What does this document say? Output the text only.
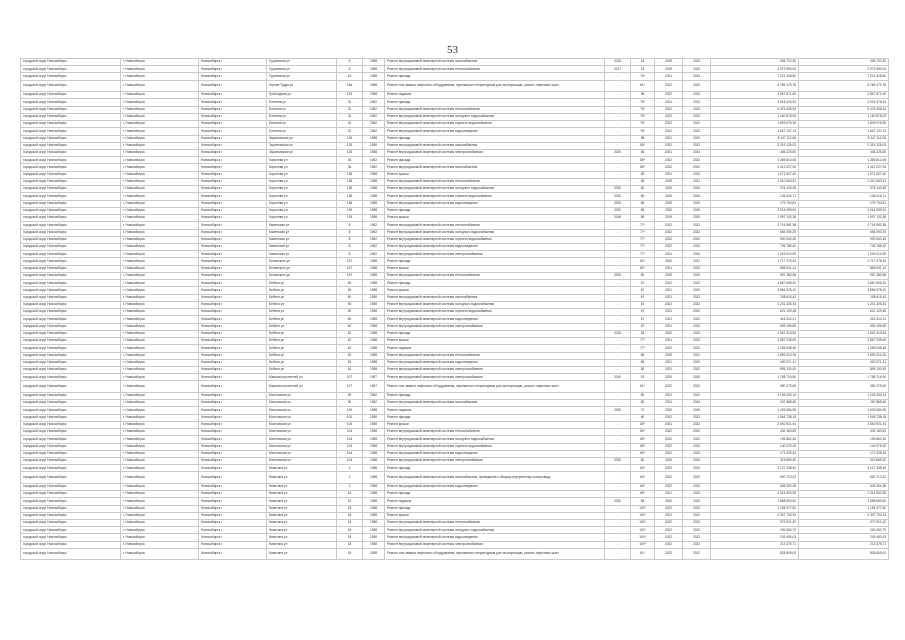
53
городской округ Новосибирск	г. Новосибирск	Новосибирск г	Гурьевская ул	5	1968	Ремонт внутридомовой инженерной системы газоснабжения	2016	18	2019	2020	306 720,30	306 720,30
городской округ Новосибирск	г. Новосибирск	Новосибирск г	Гурьевская ул	5	1968	Ремонт внутридомовой инженерной системы теплоснабжения	2017	15	2019	2020	2 073 950,04	2 073 950,04
городской округ Новосибирск	г. Новосибирск	Новосибирск г	Гурьевская ул	16	1968	Ремонт фасада	-	76*	2021	2023	7 221 318,80	7 221 318,80
городской округ Новосибирск	г. Новосибирск	Новосибирск г	Героев Труда ул	15а	1968	Ремонт или замена лифтового оборудования, признанного непригодным для эксплуатации, ремонт лифтовых шахт	-	61*	2022	2022	6 789 179,78	6 789 179,78
городской округ Новосибирск	г. Новосибирск	Новосибирск г	Грибоедова ул	123	1958	Ремонт подвала	-	98	2022	2022	2 847 671,60	2 847 671,60
городской округ Новосибирск	г. Новосибирск	Новосибирск г	Есенина ул	31	1962	Ремонт фасада	-	75*	2021	2022	2 615 476,34	2 615 476,34
городской округ Новосибирск	г. Новосибирск	Новосибирск г	Есенина ул	31	1962	Ремонт внутридомовой инженерной системы теплоснабжения	-	75*	2022	2022	5 476 305,94	5 476 305,94
городской округ Новосибирск	г. Новосибирск	Новосибирск г	Есенина ул	31	1962	Ремонт внутридомовой инженерной системы холодного водоснабжения	-	75*	2022	2022	1 160 875,03	1 160 875,03
городской округ Новосибирск	г. Новосибирск	Новосибирск г	Есенина ул	31	1962	Ремонт внутридомовой инженерной системы горячего водоснабжения	-	75*	2022	2022	1 809 076,39	1 809 076,39
городской округ Новосибирск	г. Новосибирск	Новосибирск г	Есенина ул	31	1962	Ремонт внутридомовой инженерной системы водоотведения	-	75*	2022	2022	1 647 137,13	1 647 137,13
городской округ Новосибирск	г. Новосибирск	Новосибирск г	Зыряновская ул	125	1958	Ремонт фасада	-	98	2021	2022	8 147 112,08	8 147 112,08
городской округ Новосибирск	г. Новосибирск	Новосибирск г	Зыряновская ул	125	1958	Ремонт внутридомовой инженерной системы газоснабжения	-	85*	2022	2022	3 319 125,03	3 319 125,03
городской округ Новосибирск	г. Новосибирск	Новосибирск г	Зыряновская ул	125	1958	Ремонт внутридомовой инженерной системы электроснабжения	2020	65	2021	2024	446 226,50	446 226,50
городской округ Новосибирск	г. Новосибирск	Новосибирск г	Королева ул	36	1962	Ремонт фасада	-	85*	2022	2022	1 369 810,08	1 369 810,08
городской округ Новосибирск	г. Новосибирск	Новосибирск г	Королева ул	36	1962	Ремонт внутридомовой инженерной системы газоснабжения	-	85*	2022	2022	3 412 027,94	3 412 027,94
городской округ Новосибирск	г. Новосибирск	Новосибирск г	Королева ул	138	1958	Ремонт крыши	-	59	2021	2022	1 071 627,40	1 071 627,40
городской округ Новосибирск	г. Новосибирск	Новосибирск г	Королева ул	138	1958	Ремонт внутридомовой инженерной системы теплоснабжения	-	65	2019	2021	1 410 663,51	1 410 663,51
городской округ Новосибирск	г. Новосибирск	Новосибирск г	Королева ул	138	1958	Ремонт внутридомовой инженерной системы холодного водоснабжения	2020	65	2020	2020	375 143,35	375 143,35
городской округ Новосибирск	г. Новосибирск	Новосибирск г	Королева ул	138	1958	Ремонт внутридомовой инженерной системы горячего водоснабжения	2020	65	2020	2020	136 016,71	136 016,71
городской округ Новосибирск	г. Новосибирск	Новосибирск г	Королева ул	138	1958	Ремонт внутридомовой инженерной системы водоотведения	2020	65	2020	2020	179 700,81	179 700,81
городской округ Новосибирск	г. Новосибирск	Новосибирск г	Королева ул	139	1958	Ремонт фасада	2020	65	2020	2020	2 014 099,94	2 014 099,94
городской округ Новосибирск	г. Новосибирск	Новосибирск г	Королева ул	139	1958	Ремонт крыши	2016	65	2019	2020	1 997 132,38	1 997 132,38
городской округ Новосибирск	г. Новосибирск	Новосибирск г	Каменская ул	8	1962	Ремонт внутридомовой инженерной системы теплоснабжения	-	77*	2022	2022	2 716 981,38	2 716 981,38
городской округ Новосибирск	г. Новосибирск	Новосибирск г	Каменская ул	8	1962	Ремонт внутридомовой инженерной системы холодного водоснабжения	-	77*	2022	2022	656 090,25	656 090,25
городской округ Новосибирск	г. Новосибирск	Новосибирск г	Каменская ул	8	1962	Ремонт внутридомовой инженерной системы горячего водоснабжения	-	77*	2022	2022	900 540,45	900 540,45
городской округ Новосибирск	г. Новосибирск	Новосибирск г	Каменская ул	8	1962	Ремонт внутридомовой инженерной системы водоотведения	-	77*	2022	2022	706 788,42	706 788,42
городской округ Новосибирск	г. Новосибирск	Новосибирск г	Каменская ул	8	1962	Ремонт внутридомовой инженерной системы электроснабжения	-	77*	2021	2024	1 249 214,59	1 249 214,59
городской округ Новосибирск	г. Новосибирск	Новосибирск г	Белинского ул	167	1958	Ремонт фасада	-	82*	2020	2021	1 717 276,43	1 717 276,43
городской округ Новосибирск	г. Новосибирск	Новосибирск г	Белинского ул	167	1958	Ремонт крыши	-	82*	2021	2022	869 941,14	869 941,14
городской округ Новосибирск	г. Новосибирск	Новосибирск г	Белинского ул	167	1958	Ремонт внутридомовой инженерной системы теплоснабжения	2020	60	2020	2020	957 380,98	957 380,98
городской округ Новосибирск	г. Новосибирск	Новосибирск г	Бебеля ул	60	1958	Ремонт фасада	-	67	2022	2022	1 867 605,32	1 867 605,32
городской округ Новосибирск	г. Новосибирск	Новосибирск г	Бебеля ул	60	1958	Ремонт крыши	-	67	2021	2022	3 866 978,10	3 866 978,10
городской округ Новосибирск	г. Новосибирск	Новосибирск г	Бебеля ул	60	1958	Ремонт внутридомовой инженерной системы газоснабжения	-	67	2021	2022	208 615,42	208 615,42
городской округ Новосибирск	г. Новосибирск	Новосибирск г	Бебеля ул	60	1958	Ремонт внутридомовой инженерной системы холодного водоснабжения	-	67	2022	2022	1 231 325,34	1 231 325,34
городской округ Новосибирск	г. Новосибирск	Новосибирск г	Бебеля ул	60	1958	Ремонт внутридомовой инженерной системы горячего водоснабжения	-	67	2021	2022	621 129,48	621 129,48
городской округ Новосибирск	г. Новосибирск	Новосибирск г	Бебеля ул	60	1958	Ремонт внутридомовой инженерной системы водоотведения	-	67	2021	2022	416 314,21	416 314,21
городской округ Новосибирск	г. Новосибирск	Новосибирск г	Бебеля ул	60	1958	Ремонт внутридомовой инженерной системы электроснабжения	-	67	2021	2022	593 196,55	593 196,55
городской округ Новосибирск	г. Новосибирск	Новосибирск г	Бебеля ул	62	1958	Ремонт фасада	2016	63	2020	2020	1 542 319,54	1 542 319,54
городской округ Новосибирск	г. Новосибирск	Новосибирск г	Бебеля ул	62	1958	Ремонт крыши	-	77*	2021	2022	2 857 039,69	2 857 039,69
городской округ Новосибирск	г. Новосибирск	Новосибирск г	Бебеля ул	62	1958	Ремонт подвала	-	77*	2022	2022	1 259 038,45	1 259 038,45
городской округ Новосибирск	г. Новосибирск	Новосибирск г	Бебеля ул	62	1958	Ремонт внутридомовой инженерной системы теплоснабжения	-	65	2020	2021	1 899 210,25	1 899 210,25
городской округ Новосибирск	г. Новосибирск	Новосибирск г	Бебеля ул	62	1958	Ремонт внутридомовой инженерной системы водоотведения	-	65	2021	2022	400 071,41	400 071,41
городской округ Новосибирск	г. Новосибирск	Новосибирск г	Бебеля ул	62	1958	Ремонт внутридомовой инженерной системы электроснабжения	-	65	2021	2022	895 130,49	895 130,49
городской округ Новосибирск	г. Новосибирск	Новосибирск г	Машиностроителей ул	107	1957	Ремонт внутридомовой инженерной системы электроснабжения	2019	18	2020	2020	1 768 716,90	1 768 716,90
городской округ Новосибирск	г. Новосибирск	Новосибирск г	Машиностроителей ул	107	1957	Ремонт или замена лифтового оборудования, признанного непригодным для эксплуатации, ремонт лифтовых шахт	-	61*	2022	2022	350 279,06	350 279,06
городской округ Новосибирск	г. Новосибирск	Новосибирск г	Мостовская ул	90	1962	Ремонт фасада	-	60	2021	2022	1 106 330,14	1 106 330,14
городской округ Новосибирск	г. Новосибирск	Новосибирск г	Мостовская ул	90	1962	Ремонт внутридомовой инженерной системы газоснабжения	-	60	2021	2024	267 868,46	267 868,46
городской округ Новосибирск	г. Новосибирск	Новосибирск г	Мостовская ул	100	1958	Ремонт подвала	2020	70	2020	2020	1 439 084,95	1 439 084,95
городской округ Новосибирск	г. Новосибирск	Новосибирск г	Мостовская ул	100	1958	Ремонт фасада	-	60	2022	2022	1 946 738,18	1 946 738,18
городской округ Новосибирск	г. Новосибирск	Новосибирск г	Мостовская ул	104	1958	Ремонт крыши	-	80*	2021	2022	2 040 921,44	2 040 921,44
городской округ Новосибирск	г. Новосибирск	Новосибирск г	Мостовская ул	104	1958	Ремонт внутридомовой инженерной системы теплоснабжения	-	80*	2022	2022	432 160,83	432 160,83
городской округ Новосибирск	г. Новосибирск	Новосибирск г	Мостовская ул	104	1958	Ремонт внутридомовой инженерной системы холодного водоснабжения	-	80*	2022	2022	196 862,45	196 862,45
городской округ Новосибирск	г. Новосибирск	Новосибирск г	Мостовская ул	104	1958	Ремонт внутридомовой инженерной системы горячего водоснабжения	-	80*	2022	2022	140 075,15	140 075,15
городской округ Новосибирск	г. Новосибирск	Новосибирск г	Мостовская ул	104	1958	Ремонт внутридомовой инженерной системы водоотведения	-	80*	2022	2022	171 525,44	171 525,44
городской округ Новосибирск	г. Новосибирск	Новосибирск г	Мостовская ул	104	1958	Ремонт внутридомовой инженерной системы электроснабжения	2020	60	2020	2020	319 669,30	319 669,30
городской округ Новосибирск	г. Новосибирск	Новосибирск г	Никитина ул	2	1958	Ремонт фасада	-	84*	2022	2022	3 127 338,40	3 127 338,40
городской округ Новосибирск	г. Новосибирск	Новосибирск г	Никитина ул	2	1958	Ремонт внутридомовой инженерной системы газоснабжения, приведение к общему внутреннему газопроводу	-	84*	2022	2022	600 713,22	600 713,22
городской округ Новосибирск	г. Новосибирск	Новосибирск г	Никитина ул	2	1958	Ремонт внутридомовой инженерной системы водоотведения	-	84*	2022	2022	645 304,38	645 304,38
городской округ Новосибирск	г. Новосибирск	Новосибирск г	Никитина ул	16	1958	Ремонт фасада	-	65*	2021	2022	1 314 500,55	1 314 500,55
городской округ Новосибирск	г. Новосибирск	Новосибирск г	Никитина ул	16	1958	Ремонт подвала	2020	58	2020	2020	1 858 650,50	1 858 650,50
городской округ Новосибирск	г. Новосибирск	Новосибирск г	Никитина ул	18	1958	Ремонт фасада	-	100*	2022	2022	1 154 977,82	1 154 977,82
городской округ Новосибирск	г. Новосибирск	Новосибирск г	Никитина ул	18	1958	Ремонт крыши	-	100*	2021	2022	2 307 700,33	2 307 700,33
городской округ Новосибирск	г. Новосибирск	Новосибирск г	Никитина ул	18	1958	Ремонт внутридомовой инженерной системы теплоснабжения	-	100*	2022	2022	972 921,32	972 921,32
городской округ Новосибирск	г. Новосибирск	Новосибирск г	Никитина ул	18	1958	Ремонт внутридомовой инженерной системы холодного водоснабжения	-	100*	2022	2022	200 060,79	200 060,79
городской округ Новосибирск	г. Новосибирск	Новосибирск г	Никитина ул	18	1958	Ремонт внутридомовой инженерной системы водоотведения	-	100*	2022	2022	243 450,03	243 450,03
городской округ Новосибирск	г. Новосибирск	Новосибирск г	Никитина ул	18	1958	Ремонт внутридомовой инженерной системы электроснабжения	-	100*	2022	2022	213 378,71	213 378,71
городской округ Новосибирск	г. Новосибирск	Новосибирск г	Никитина ул	18	1958	Ремонт или замена лифтового оборудования, признанного непригодным для эксплуатации, ремонт лифтовых шахт	-	61*	2022	2022	828 809,00	828 809,00
